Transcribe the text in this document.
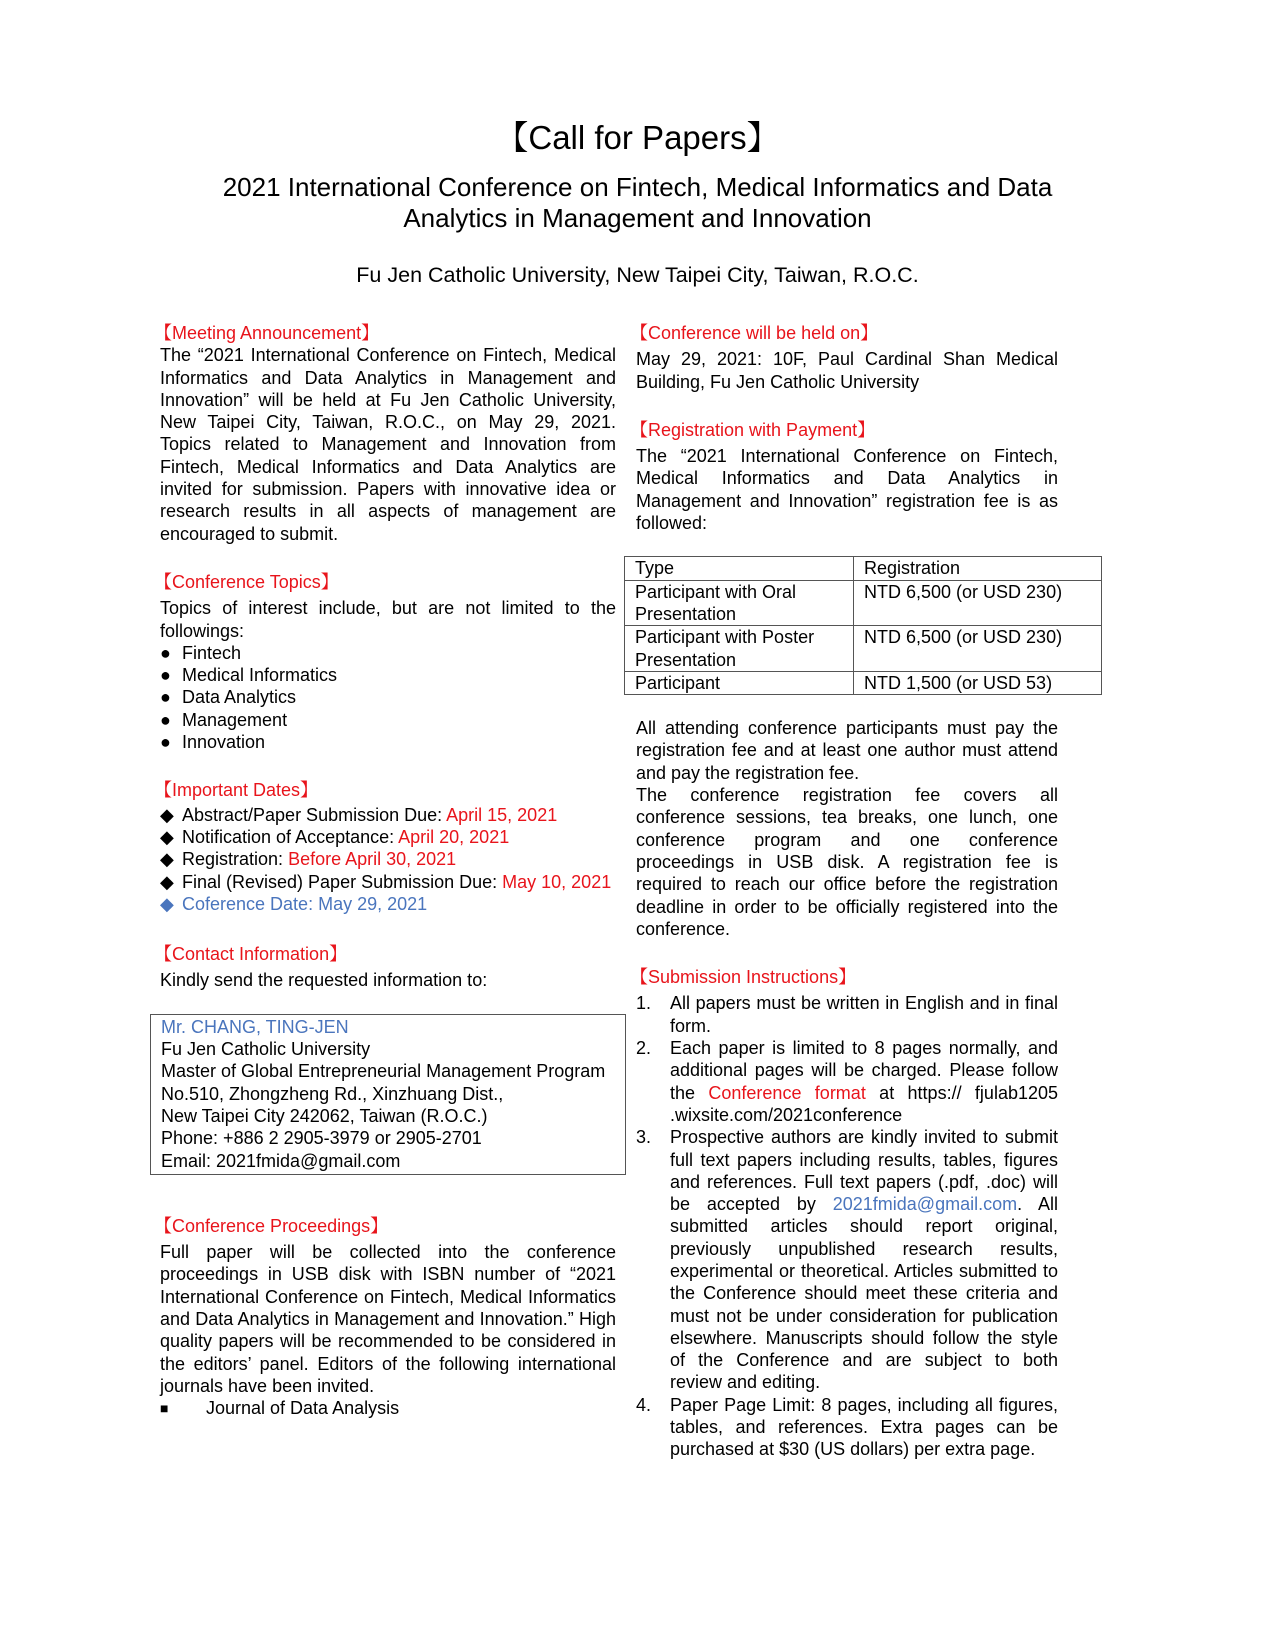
【Call for Papers】
2021 International Conference on Fintech, Medical Informatics and Data Analytics in Management and Innovation
Fu Jen Catholic University, New Taipei City, Taiwan, R.O.C.
【Meeting Announcement】

The “2021 International Conference on Fintech, Medical Informatics and Data Analytics in Management and Innovation” will be held at Fu Jen Catholic University, New Taipei City, Taiwan, R.O.C., on May 29, 2021. Topics related to Management and Innovation from Fintech, Medical Informatics and Data Analytics are invited for submission. Papers with innovative idea or research results in all aspects of management are encouraged to submit.

【Conference Topics】

Topics of interest include, but are not limited to the followings:

● Fintech
● Medical Informatics
● Data Analytics
● Management
● Innovation
【Important Dates】
◆ Abstract/Paper Submission Due: April 15, 2021
◆ Notification of Acceptance: April 20, 2021
◆ Registration: Before April 30, 2021
◆ Final (Revised) Paper Submission Due: May 10, 2021
◆ Coference Date: May 29, 2021
【Contact Information】

Kindly send the requested information to:

Mr. CHANG, TING-JEN

Fu Jen Catholic University

Master of Global Entrepreneurial Management Program

No.510, Zhongzheng Rd., Xinzhuang Dist.,

New Taipei City 242062, Taiwan (R.O.C.)

Phone: +886 2 2905-3979 or 2905-2701

Email: 2021fmida@gmail.com

【Conference Proceedings】

Full paper will be collected into the conference proceedings in USB disk with ISBN number of “2021 International Conference on Fintech, Medical Informatics and Data Analytics in Management and Innovation.” High quality papers will be recommended to be considered in the editors’ panel. Editors of the following international journals have been invited.

■ Journal of Data Analysis
【Conference will be held on】

May 29, 2021: 10F, Paul Cardinal Shan Medical Building, Fu Jen Catholic University

【Registration with Payment】

The “2021 International Conference on Fintech, Medical Informatics and Data Analytics in Management and Innovation” registration fee is as followed:

Type	Registration
Participant with Oral Presentation	NTD 6,500 (or USD 230)
Participant with Poster Presentation	NTD 6,500 (or USD 230)
Participant	NTD 1,500 (or USD 53)

All attending conference participants must pay the registration fee and at least one author must attend and pay the registration fee.

The conference registration fee covers all conference sessions, tea breaks, one lunch, one conference program and one conference proceedings in USB disk. A registration fee is required to reach our office before the registration deadline in order to be officially registered into the conference.

【Submission Instructions】
1. All papers must be written in English and in final form.
2. Each paper is limited to 8 pages normally, and additional pages will be charged. Please follow the Conference format at https:// fjulab1205 .wixsite.com/2021conference
3. Prospective authors are kindly invited to submit full text papers including results, tables, figures and references. Full text papers (.pdf, .doc) will be accepted by 2021fmida@gmail.com. All submitted articles should report original, previously unpublished research results, experimental or theoretical. Articles submitted to the Conference should meet these criteria and must not be under consideration for publication elsewhere. Manuscripts should follow the style of the Conference and are subject to both review and editing.
4. Paper Page Limit: 8 pages, including all figures, tables, and references. Extra pages can be purchased at $30 (US dollars) per extra page.
